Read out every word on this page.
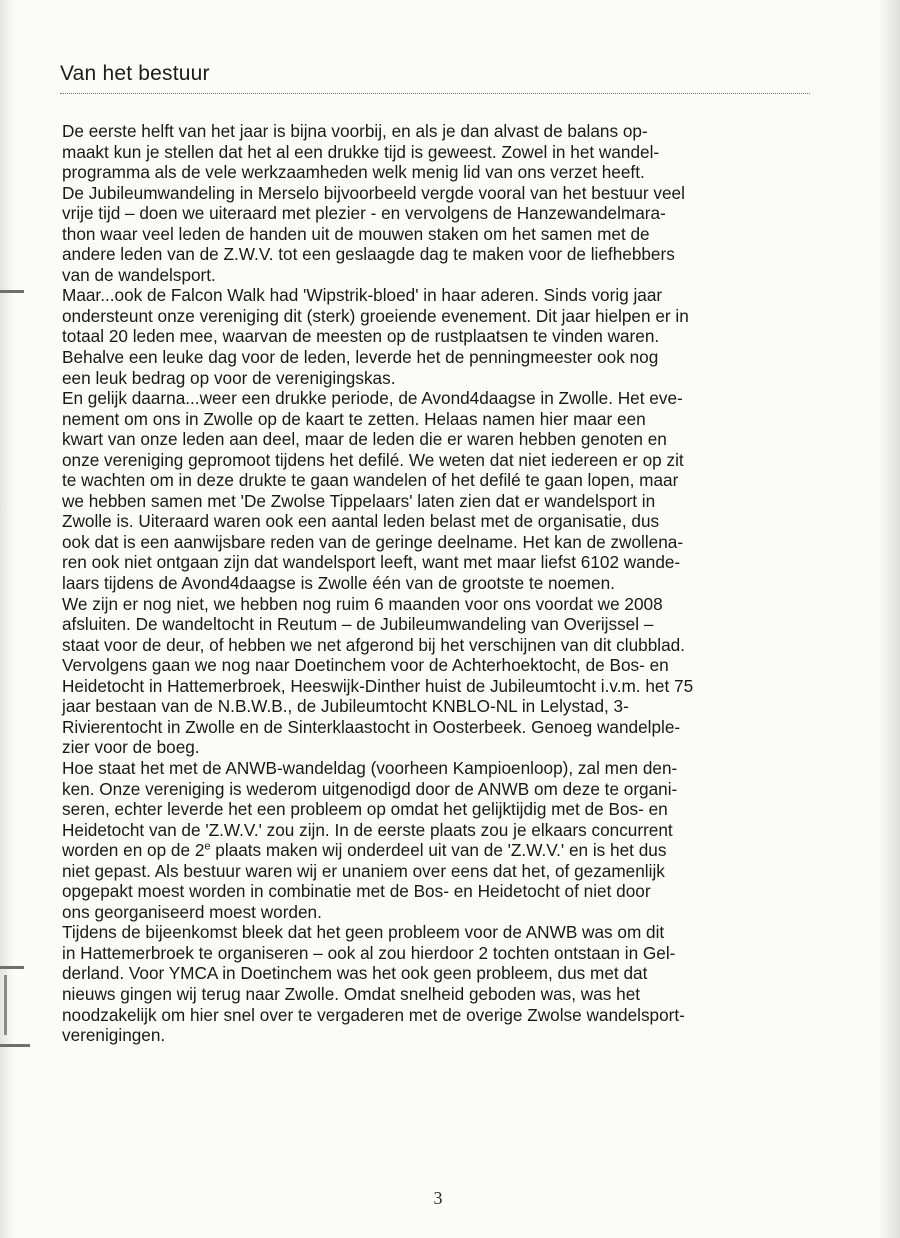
Van het bestuur
De eerste helft van het jaar is bijna voorbij, en als je dan alvast de balans op-
maakt kun je stellen dat het al een drukke tijd is geweest. Zowel in het wandel-
programma als de vele werkzaamheden welk menig lid van ons verzet heeft.
De Jubileumwandeling in Merselo bijvoorbeeld vergde vooral van het bestuur veel
vrije tijd – doen we uiteraard met plezier - en vervolgens de Hanzewandelmara-
thon waar veel leden de handen uit de mouwen staken om het samen met de
andere leden van de Z.W.V. tot een geslaagde dag te maken voor de liefhebbers
van de wandelsport.
Maar...ook de Falcon Walk had 'Wipstrik-bloed' in haar aderen. Sinds vorig jaar
ondersteunt onze vereniging dit (sterk) groeiende evenement. Dit jaar hielpen er in
totaal 20 leden mee, waarvan de meesten op de rustplaatsen te vinden waren.
Behalve een leuke dag voor de leden, leverde het de penningmeester ook nog
een leuk bedrag op voor de verenigingskas.
En gelijk daarna...weer een drukke periode, de Avond4daagse in Zwolle. Het eve-
nement om ons in Zwolle op de kaart te zetten. Helaas namen hier maar een
kwart van onze leden aan deel, maar de leden die er waren hebben genoten en
onze vereniging gepromoot tijdens het defilé. We weten dat niet iedereen er op zit
te wachten om in deze drukte te gaan wandelen of het defilé te gaan lopen, maar
we hebben samen met 'De Zwolse Tippelaars' laten zien dat er wandelsport in
Zwolle is. Uiteraard waren ook een aantal leden belast met de organisatie, dus
ook dat is een aanwijsbare reden van de geringe deelname. Het kan de zwollena-
ren ook niet ontgaan zijn dat wandelsport leeft, want met maar liefst 6102 wande-
laars tijdens de Avond4daagse is Zwolle één van de grootste te noemen.
We zijn er nog niet, we hebben nog ruim 6 maanden voor ons voordat we 2008
afsluiten. De wandeltocht in Reutum – de Jubileumwandeling van Overijssel –
staat voor de deur, of hebben we net afgerond bij het verschijnen van dit clubblad.
Vervolgens gaan we nog naar Doetinchem voor de Achterhoektocht, de Bos- en
Heidetocht in Hattemerbroek, Heeswijk-Dinther huist de Jubileumtocht i.v.m. het 75
jaar bestaan van de N.B.W.B., de Jubileumtocht KNBLO-NL in Lelystad, 3-
Rivierentocht in Zwolle en de Sinterklaastocht in Oosterbeek. Genoeg wandelple-
zier voor de boeg.
Hoe staat het met de ANWB-wandeldag (voorheen Kampioenloop), zal men den-
ken. Onze vereniging is wederom uitgenodigd door de ANWB om deze te organi-
seren, echter leverde het een probleem op omdat het gelijktijdig met de Bos- en
Heidetocht van de 'Z.W.V.' zou zijn. In de eerste plaats zou je elkaars concurrent
worden en op de 2e plaats maken wij onderdeel uit van de 'Z.W.V.' en is het dus
niet gepast. Als bestuur waren wij er unaniem over eens dat het, of gezamenlijk
opgepakt moest worden in combinatie met de Bos- en Heidetocht of niet door
ons georganiseerd moest worden.
Tijdens de bijeenkomst bleek dat het geen probleem voor de ANWB was om dit
in Hattemerbroek te organiseren – ook al zou hierdoor 2 tochten ontstaan in Gel-
derland. Voor YMCA in Doetinchem was het ook geen probleem, dus met dat
nieuws gingen wij terug naar Zwolle. Omdat snelheid geboden was, was het
noodzakelijk om hier snel over te vergaderen met de overige Zwolse wandelsport-
verenigingen.
3
